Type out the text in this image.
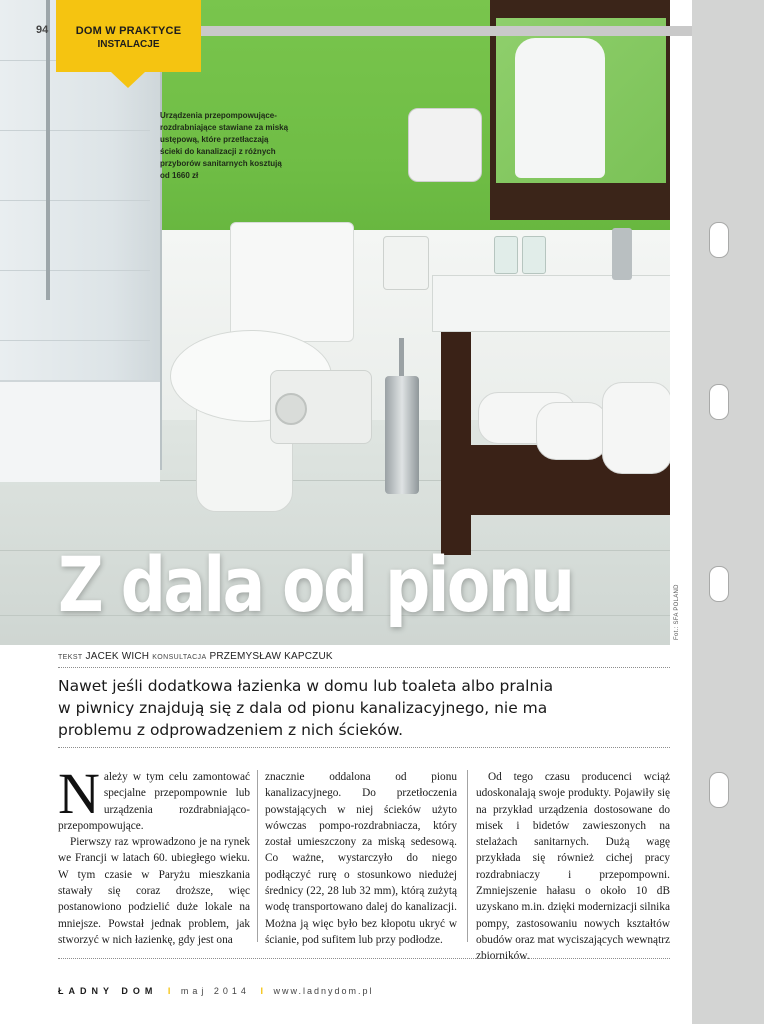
Urządzenia przepompowujące-
rozdrabniające stawiane za miską
ustępową, które przetłaczają
ścieki do kanalizacji z różnych
przyborów sanitarnych kosztują
od 1660 zł
Z dala od pionu	Fot.: SFA POLAND
94	DOM W PRAKTYCE
INSTALACJE
TEKST JACEK WICH KONSULTACJA PRZEMYSŁAW KAPCZUK
Nawet jeśli dodatkowa łazienka w domu lub toaleta albo pralnia
w piwnicy znajdują się z dala od pionu kanalizacyjnego, nie ma
problemu z odprowadzeniem z nich ścieków.
N ależy w tym celu zamontować specjalne przepompownie lub urządzenia rozdrabniająco-przepompowujące.

Pierwszy raz wprowadzono je na rynek we Francji w latach 60. ubiegłego wieku. W tym czasie w Paryżu mieszkania stawały się coraz droższe, więc postanowiono podzielić duże lokale na mniejsze. Powstał jednak problem, jak stworzyć w nich łazienkę, gdy jest ona

znacznie oddalona od pionu kanalizacyjnego. Do przetłoczenia powstających w niej ścieków użyto wówczas pompo-rozdrabniacza, który został umieszczony za miską sedesową. Co ważne, wystarczyło do niego podłączyć rurę o stosunkowo niedużej średnicy (22, 28 lub 32 mm), którą zużytą wodę transportowano dalej do kanalizacji. Można ją więc było bez kłopotu ukryć w ścianie, pod sufitem lub przy podłodze.

Od tego czasu producenci wciąż udoskonalają swoje produkty. Pojawiły się na przykład urządzenia dostosowane do misek i bidetów zawieszonych na stelażach sanitarnych. Dużą wagę przykłada się również cichej pracy rozdrabniaczy i przepompowni. Zmniejszenie hałasu o około 10 dB uzyskano m.in. dzięki modernizacji silnika pompy, zastosowaniu nowych kształtów obudów oraz mat wyciszających wewnątrz zbiorników.

ŁADNY DOM I maj 2014 I www.ladnydom.pl
